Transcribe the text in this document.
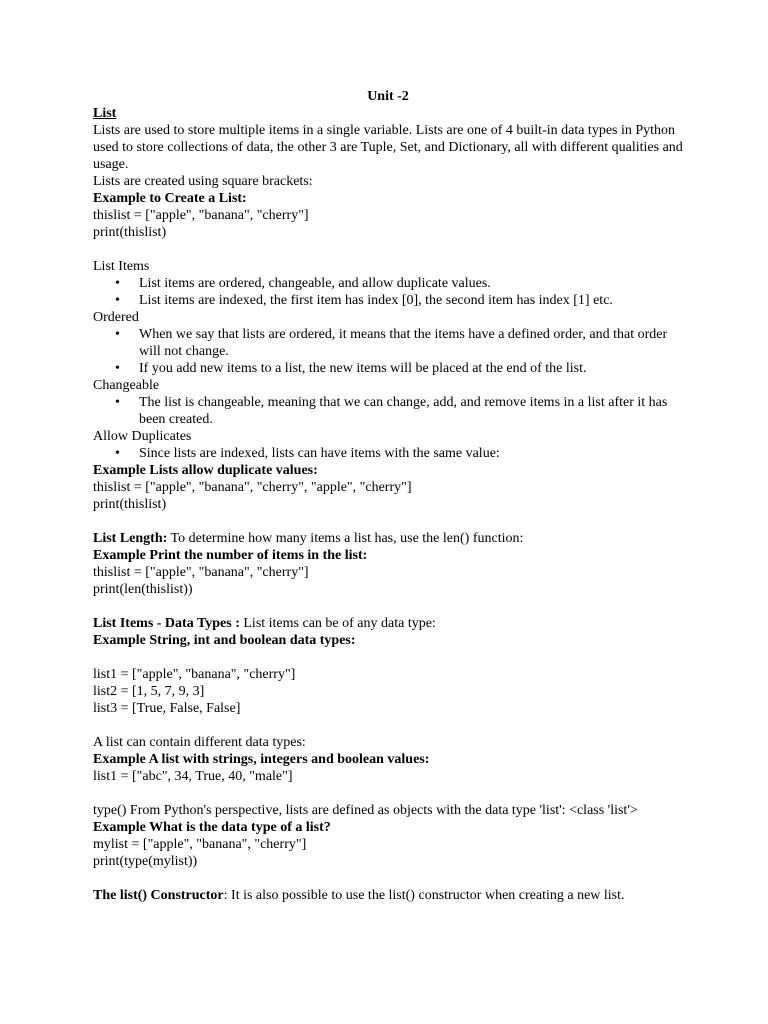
Unit -2
List
Lists are used to store multiple items in a single variable. Lists are one of 4 built-in data types in Python used to store collections of data, the other 3 are Tuple, Set, and Dictionary, all with different qualities and usage.
Lists are created using square brackets:
Example to Create a List:
thislist = ["apple", "banana", "cherry"]
print(thislist)
List Items
• List items are ordered, changeable, and allow duplicate values.
• List items are indexed, the first item has index [0], the second item has index [1] etc.
Ordered
• When we say that lists are ordered, it means that the items have a defined order, and that order will not change.
• If you add new items to a list, the new items will be placed at the end of the list.
Changeable
• The list is changeable, meaning that we can change, add, and remove items in a list after it has been created.
Allow Duplicates
• Since lists are indexed, lists can have items with the same value:
Example Lists allow duplicate values:
thislist = ["apple", "banana", "cherry", "apple", "cherry"]
print(thislist)
List Length: To determine how many items a list has, use the len() function:
Example Print the number of items in the list:
thislist = ["apple", "banana", "cherry"]
print(len(thislist))
List Items - Data Types : List items can be of any data type:
Example String, int and boolean data types:
list1 = ["apple", "banana", "cherry"]
list2 = [1, 5, 7, 9, 3]
list3 = [True, False, False]
A list can contain different data types:
Example A list with strings, integers and boolean values:
list1 = ["abc", 34, True, 40, "male"]
type() From Python's perspective, lists are defined as objects with the data type 'list': <class 'list'>
Example What is the data type of a list?
mylist = ["apple", "banana", "cherry"]
print(type(mylist))
The list() Constructor: It is also possible to use the list() constructor when creating a new list.
